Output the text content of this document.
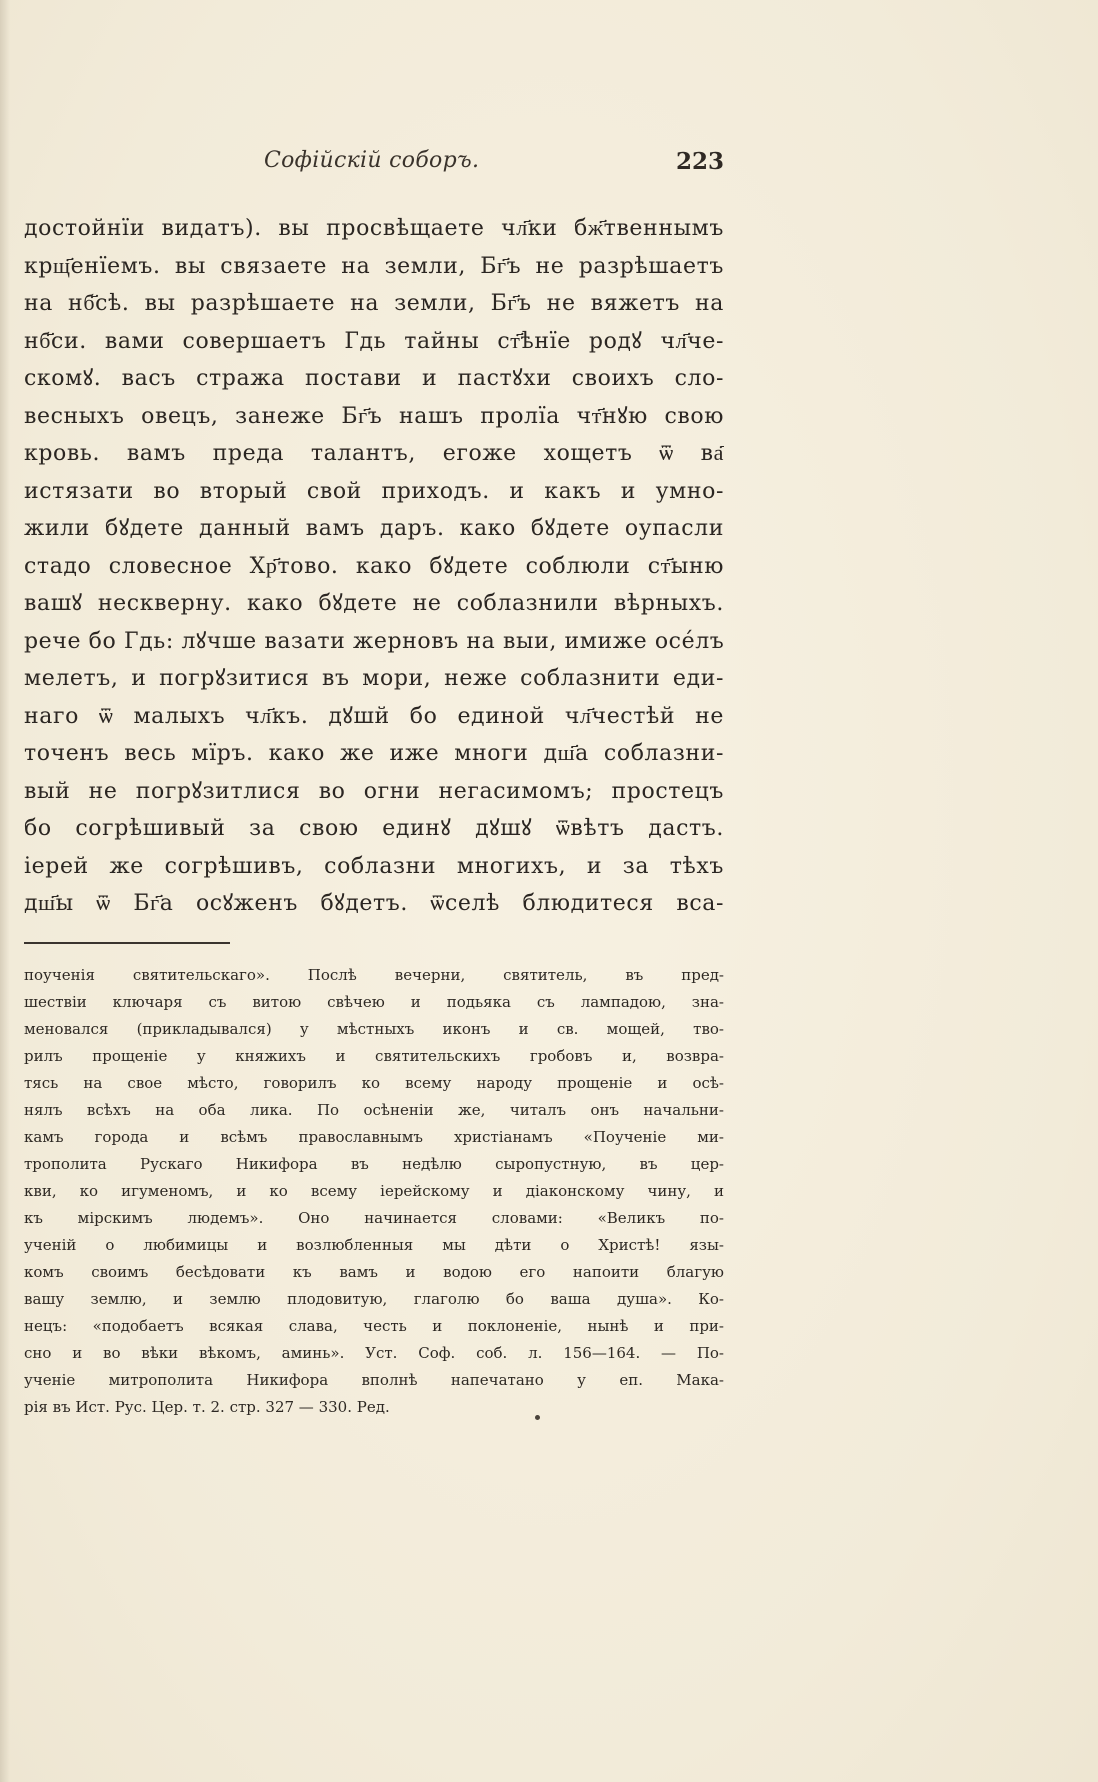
Софійскій соборъ.	223
достойнїи видатъ). вы просвѣщаете чл҃ки бж҃твеннымъ
крщ҃енїемъ. вы связаете на земли, Бг҃ъ не разрѣшаетъ
на нб҃сѣ. вы разрѣшаете на земли, Бг҃ъ не вяжетъ на
нб҃си. вами совершаетъ Гдь тайны ст҃ѣнїе родꙋ чл҃че-
скомꙋ. васъ стража постави и пастꙋхи своихъ сло-
весныхъ овецъ, занеже Бг҃ъ нашъ пролїа чт҃нꙋю свою
кровь. вамъ преда талантъ, егоже хощетъ ѿ ва҃
истязати во вторый свой приходъ. и какъ и умно-
жили бꙋдете данный вамъ даръ. како бꙋдете оупасли
стадо словесное Хр҃тово. како бꙋдете соблюли ст҃ыню
вашꙋ нескверну. како бꙋдете не соблазнили вѣрныхъ.
рече бо Гдь: лꙋчше вазати жерновъ на выи, имиже осе́лъ
мелетъ, и погрꙋзитися въ мори, неже соблазнити еди-
наго ѿ малыхъ чл҃къ. дꙋшй бо единой чл҃честѣй не
точенъ весь мїръ. како же иже многи дш҃а соблазни-
вый не погрꙋзитлися во огни негасимомъ; простецъ
бо согрѣшивый за свою единꙋ дꙋшꙋ ѿвѣтъ дастъ.
іерей же согрѣшивъ, соблазни многихъ, и за тѣхъ
дш҃ы ѿ Бг҃а осꙋженъ бꙋдетъ. ѿселѣ блюдитеся вса-
поученія святительскаго». Послѣ вечерни, святитель, въ пред-
шествіи ключаря съ витою свѣчею и подьяка съ лампадою, зна-
меновался (прикладывался) у мѣстныхъ иконъ и св. мощей, тво-
рилъ прощеніе у княжихъ и святительскихъ гробовъ и, возвра-
тясь на свое мѣсто, говорилъ ко всему народу прощеніе и осѣ-
нялъ всѣхъ на оба лика. По осѣненіи же, читалъ онъ начальни-
камъ города и всѣмъ православнымъ христіанамъ «Поученіе ми-
трополита Рускаго Никифора въ недѣлю сыропустную, въ цер-
кви, ко игуменомъ, и ко всему іерейскому и діаконскому чину, и
къ мірскимъ людемъ». Оно начинается словами: «Великъ по-
ученій о любимицы и возлюбленныя мы дѣти о Христѣ! язы-
комъ своимъ бесѣдовати къ вамъ и водою его напоити благую
вашу землю, и землю плодовитую, глаголю бо ваша душа». Ко-
нецъ: «подобаетъ всякая слава, честь и поклоненіе, нынѣ и при-
сно и во вѣки вѣкомъ, аминь». Уст. Соф. соб. л. 156—164. — По-
ученіе митрополита Никифора вполнѣ напечатано у еп. Мака-
рія въ Ист. Рус. Цер. т. 2. стр. 327 — 330. Ред.
